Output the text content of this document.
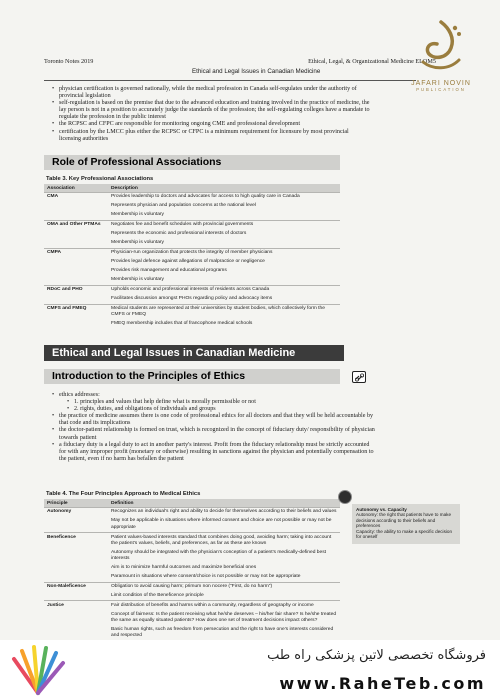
Toronto Notes 2019	Ethical, Legal, & Organizational Medicine ELOM5
Ethical and Legal Issues in Canadian Medicine
JAFARI NOVIN
PUBLICATION
• physician certification is governed nationally, while the medical profession in Canada self-regulates under the authority of provincial legislation
• self-regulation is based on the premise that due to the advanced education and training involved in the practice of medicine, the lay person is not in a position to accurately judge the standards of the profession; the self-regulating colleges have a mandate to regulate the profession in the public interest
• the RCPSC and CFPC are responsible for monitoring ongoing CME and professional development
• certification by the LMCC plus either the RCPSC or CFPC is a minimum requirement for licensure by most provincial licensing authorities
Role of Professional Associations
Table 3. Key Professional Associations
Association	Description
CMA	Provides leadership to doctors and advocates for access to high quality care in Canada
	Represents physician and population concerns at the national level
	Membership is voluntary
OMA and Other PTMAs	Negotiates fee and benefit schedules with provincial governments
	Represents the economic and professional interests of doctors
	Membership is voluntary
CMPA	Physician-run organization that protects the integrity of member physicians
	Provides legal defence against allegations of malpractice or negligence
	Provides risk management and educational programs
	Membership is voluntary
RDoC and PHO	Upholds economic and professional interests of residents across Canada
	Facilitates discussion amongst PHOs regarding policy and advocacy items
CMFS and FMEQ	Medical students are represented at their universities by student bodies, which collectively form the CMFS or FMEQ
	FMEQ membership includes that of francophone medical schools
Ethical and Legal Issues in Canadian Medicine
Introduction to the Principles of Ethics
• ethics addresses:
• 1. principles and values that help define what is morally permissible or not
• 2. rights, duties, and obligations of individuals and groups
• the practice of medicine assumes there is one code of professional ethics for all doctors and that they will be held accountable by that code and its implications
• the doctor-patient relationship is formed on trust, which is recognized in the concept of fiduciary duty/ responsibility of physician towards patient
• a fiduciary duty is a legal duty to act in another party's interest. Profit from the fiduciary relationship must be strictly accounted for with any improper profit (monetary or otherwise) resulting in sanctions against the physician and potentially compensation to the patient, even if no harm has befallen the patient
Table 4. The Four Principles Approach to Medical Ethics
Principle	Definition
Autonomy	Recognizes an individual's right and ability to decide for themselves according to their beliefs and values
	May not be applicable in situations where informed consent and choice are not possible or may not be appropriate
Beneficence	Patient values-based interests standard that combines doing good, avoiding harm; taking into account the patient's values, beliefs, and preferences, as far as these are known
	Autonomy should be integrated with the physician's conception of a patient's medically-defined best interests
	Aim is to minimize harmful outcomes and maximize beneficial ones
	Paramount in situations where consent/choice is not possible or may not be appropriate
Non-Maleficence	Obligation to avoid causing harm; primum non nocere ("First, do no harm")
	Limit condition of the Beneficence principle
Justice	Fair distribution of benefits and harms within a community, regardless of geography or income
	Concept of fairness: Is the patient receiving what he/she deserves – his/her fair share? Is he/she treated the same as equally situated patients? How does one set of treatment decisions impact others?
	Basic human rights, such as freedom from persecution and the right to have one's interests considered and respected
Autonomy vs. Capacity
Autonomy: the right that patients have to make decisions according to their beliefs and preferences
Capacity: the ability to make a specific decision for oneself
فروشگاه تخصصی لاتین پزشکی راه طب
www.RaheTeb.com
